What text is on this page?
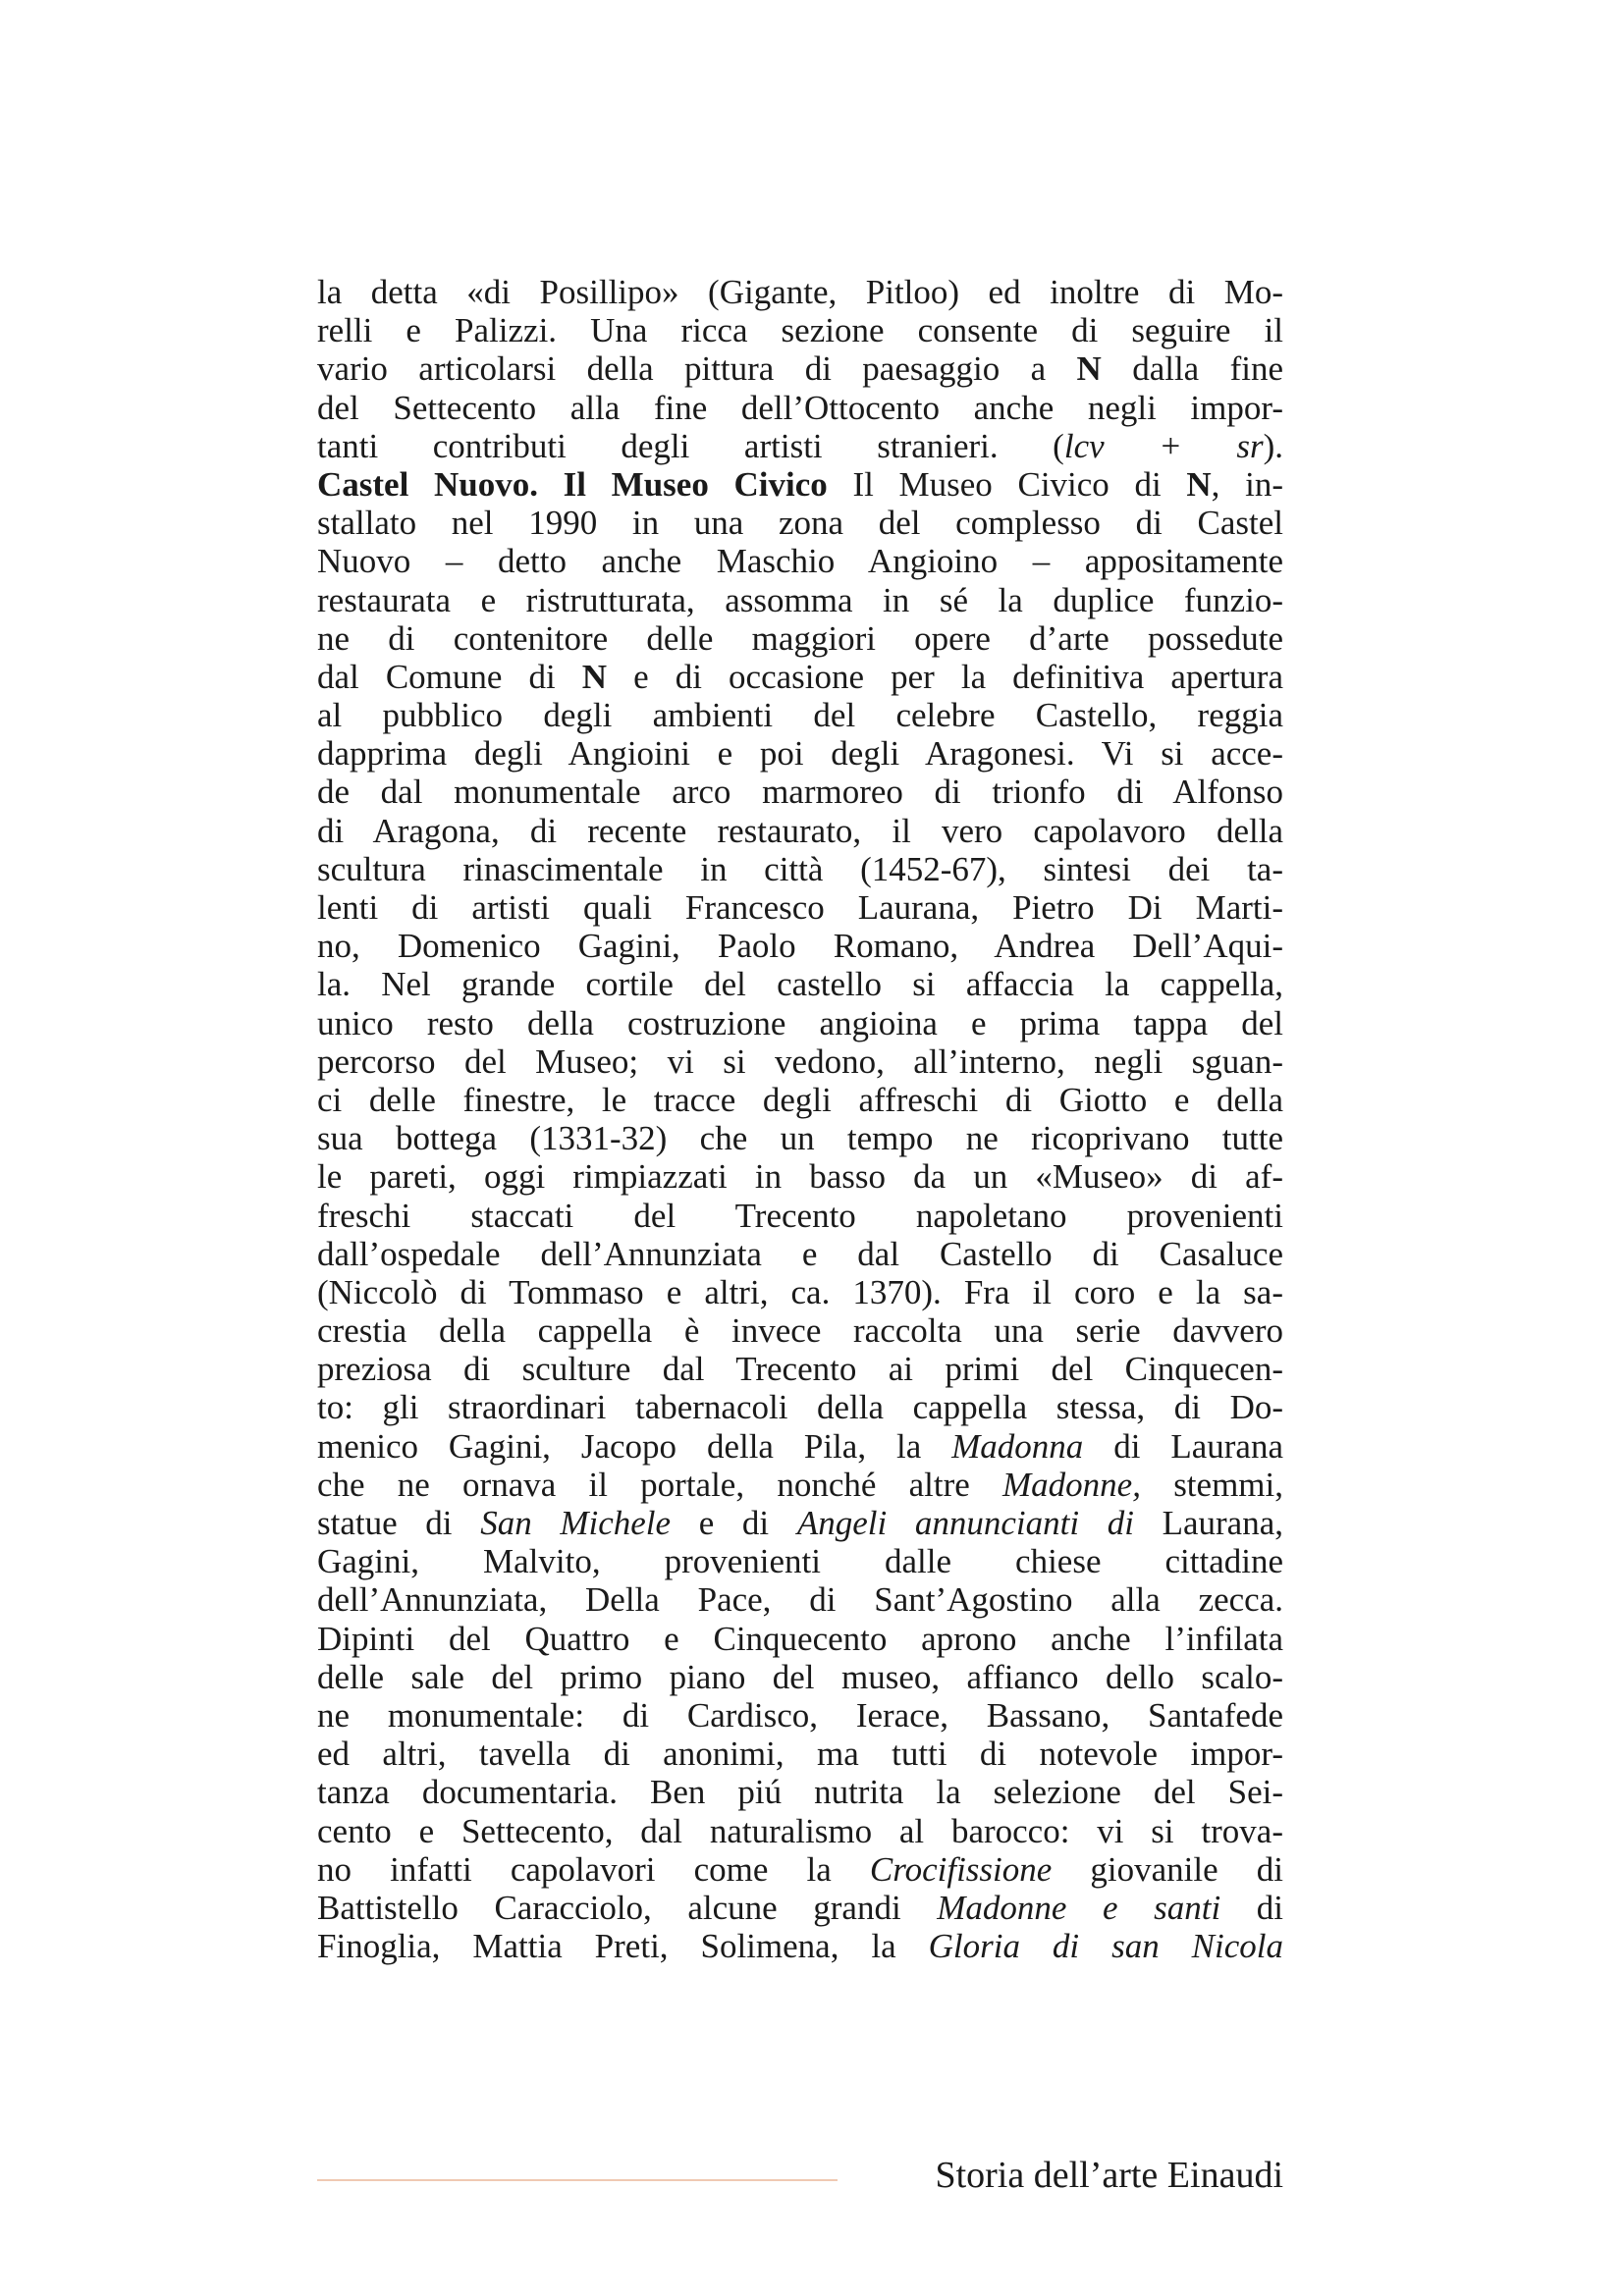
la detta «di Posillipo» (Gigante, Pitloo) ed inoltre di Mo-
relli e Palizzi. Una ricca sezione consente di seguire il
vario articolarsi della pittura di paesaggio a N dalla fine
del Settecento alla fine dell’Ottocento anche negli impor-
tanti contributi degli artisti stranieri. (lcv + sr).
Castel Nuovo. Il Museo Civico Il Museo Civico di N, in-
stallato nel 1990 in una zona del complesso di Castel
Nuovo – detto anche Maschio Angioino – appositamente
restaurata e ristrutturata, assomma in sé la duplice funzio-
ne di contenitore delle maggiori opere d’arte possedute
dal Comune di N e di occasione per la definitiva apertura
al pubblico degli ambienti del celebre Castello, reggia
dapprima degli Angioini e poi degli Aragonesi. Vi si acce-
de dal monumentale arco marmoreo di trionfo di Alfonso
di Aragona, di recente restaurato, il vero capolavoro della
scultura rinascimentale in città (1452-67), sintesi dei ta-
lenti di artisti quali Francesco Laurana, Pietro Di Marti-
no, Domenico Gagini, Paolo Romano, Andrea Dell’Aqui-
la. Nel grande cortile del castello si affaccia la cappella,
unico resto della costruzione angioina e prima tappa del
percorso del Museo; vi si vedono, all’interno, negli sguan-
ci delle finestre, le tracce degli affreschi di Giotto e della
sua bottega (1331-32) che un tempo ne ricoprivano tutte
le pareti, oggi rimpiazzati in basso da un «Museo» di af-
freschi staccati del Trecento napoletano provenienti
dall’ospedale dell’Annunziata e dal Castello di Casaluce
(Niccolò di Tommaso e altri, ca. 1370). Fra il coro e la sa-
crestia della cappella è invece raccolta una serie davvero
preziosa di sculture dal Trecento ai primi del Cinquecen-
to: gli straordinari tabernacoli della cappella stessa, di Do-
menico Gagini, Jacopo della Pila, la Madonna di Laurana
che ne ornava il portale, nonché altre Madonne, stemmi,
statue di San Michele e di Angeli annuncianti di Laurana,
Gagini, Malvito, provenienti dalle chiese cittadine
dell’Annunziata, Della Pace, di Sant’Agostino alla zecca.
Dipinti del Quattro e Cinquecento aprono anche l’infilata
delle sale del primo piano del museo, affianco dello scalo-
ne monumentale: di Cardisco, Ierace, Bassano, Santafede
ed altri, tavella di anonimi, ma tutti di notevole impor-
tanza documentaria. Ben piú nutrita la selezione del Sei-
cento e Settecento, dal naturalismo al barocco: vi si trova-
no infatti capolavori come la Crocifissione giovanile di
Battistello Caracciolo, alcune grandi Madonne e santi di
Finoglia, Mattia Preti, Solimena, la Gloria di san Nicola
Storia dell’arte Einaudi
